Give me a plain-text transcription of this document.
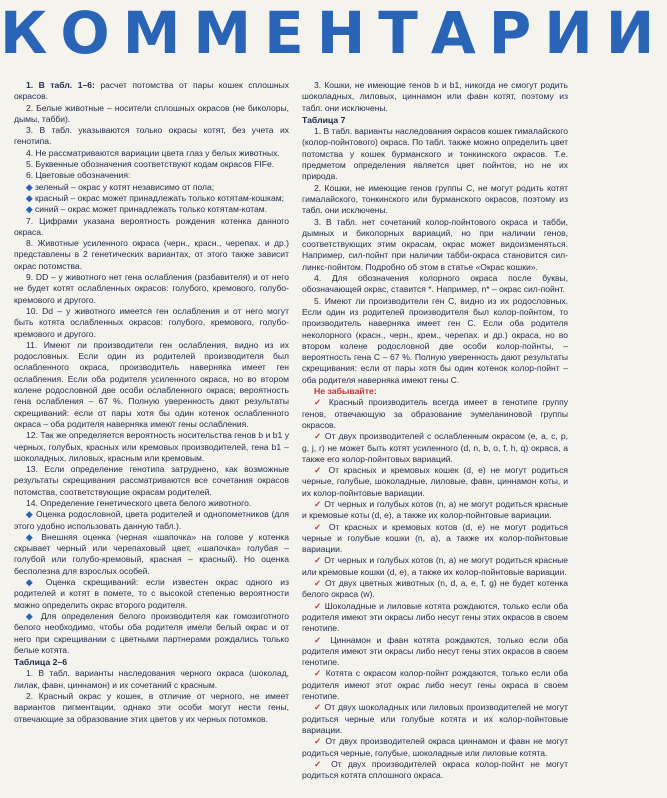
КОММЕНТАРИИ

1. В табл. 1–6: расчет потомства от пары кошек сплошных окрасов.

2. Белые животные – носители сплошных окрасов (не биколоры, дымы, табби).

3. В табл. указываются только окрасы котят, без учета их генотипа.

4. Не рассматриваются вариации цвета глаз у белых животных.

5. Буквенные обозначения соответствуют кодам окрасов FIFe.

6. Цветовые обозначения:

◆ зеленый – окрас у котят независимо от пола;

◆ красный – окрас может принадлежать только котятам-кошкам;

◆ синий – окрас может принадлежать только котятам-котам.

7. Цифрами указана вероятность рождения котенка данного окраса.

8. Животные усиленного окраса (черн., красн., черепах. и др.) представлены в 2 генетических вариантах, от этого также зависит окрас потомства.

9. DD – у животного нет гена ослабления (разбавителя) и от него не будет котят ослабленных окрасов: голубого, кремового, голубо-кремового и другого.

10. Dd – у животного имеется ген ослабления и от него могут быть котята ослабленных окрасов: голубого, кремового, голубо-кремового и другого.

11. Имеют ли производители ген ослабления, видно из их родословных. Если один из родителей производителя был ослабленного окраса, производитель наверняка имеет ген ослабления. Если оба родителя усиленного окраса, но во втором колене родословной две особи ослабленного окраса; вероятность гена ослабления – 67 %. Полную уверенность дают результаты скрещиваний: если от пары хотя бы один котенок ослабленного окраса – оба родителя наверняка имеют гены ослабления.

12. Так же определяется вероятность носительства генов b и b1 у черных, голубых, красных или кремовых производителей, гена b1 – шоколадных, лиловых, красным или кремовым.

13. Если определение генотипа затруднено, как возможные результаты скрещивания рассматриваются все сочетания окрасов потомства, соответствующие окрасам родителей.

14. Определение генетического цвета белого животного.

◆ Оценка родословной, цвета родителей и однопометников (для этого удобно использовать данную табл.).

◆ Внешняя оценка (черная «шапочка» на голове у котенка скрывает черный или черепаховый цвет, «шапочка» голубая – голубой или голубо-кремовый, красная – красный). Но оценка бесполезна для взрослых особей.

◆ Оценка скрещиваний: если известен окрас одного из родителей и котят в помете, то с высокой степенью вероятности можно определить окрас второго родителя.

◆ Для определения белого производителя как гомозиготного белого необходимо, чтобы оба родителя имели белый окрас и от него при скрещивании с цветными партнерами рождались только белые котята.

Таблица 2–6

1. В табл. варианты наследования черного окраса (шоколад, лилак, фавн, циннамон) и их сочетаний с красным.

2. Красный окрас у кошек, в отличие от черного, не имеет вариантов пигментации, однако эти особи могут нести гены, отвечающие за образование этих цветов у их черных потомков.

3. Кошки, не имеющие генов b и b1, никогда не смогут родить шоколадных, лиловых, циннамон или фавн котят, поэтому из табл. они исключены.

Таблица 7

1. В табл. варианты наследования окрасов кошек гималайского (колор-пойнтового) окраса. По табл. также можно определить цвет потомства у кошек бурманского и тонкинского окрасов. Т.е. предметом определения является цвет пойнтов, но не их природа.

2. Кошки, не имеющие генов группы С, не могут родить котят гималайского, тонкинского или бурманского окрасов, поэтому из табл. они исключены.

3. В табл. нет сочетаний колор-пойнтового окраса и табби, дымных и биколорных вариаций, но при наличии генов, соответствующих этим окрасам, окрас может видоизменяться. Например, сил-пойнт при наличии табби-окраса становится сил-линкс-пойнтом. Подробно об этом в статье «Окрас кошки».

4. Для обозначения колорного окраса после буквы, обозначающей окрас, ставится *. Например, n* – окрас сил-пойнт.

5. Имеют ли производители ген С, видно из их родословных. Если один из родителей производителя был колор-пойнтом, то производитель наверняка имеет ген С. Если оба родителя неколорного (красн., черн., крем., черепах. и др.) окраса, но во втором колене родословной две особи колор-пойнты, – вероятность гена С – 67 %. Полную уверенность дают результаты скрещивания: если от пары хотя бы один котенок колор-пойнт – оба родителя наверняка имеют гены С.

Не забывайте:

✓ Красный производитель всегда имеет в генотипе группу генов, отвечающую за образование эумеланиновой группы окрасов.

✓ От двух производителей с ослабленным окрасом (e, a, c, p, g, j, r) не может быть котят усиленного (d, n, b, o, f, h, q) окраса, а также его колор-пойнтовых вариаций.

✓ От красных и кремовых кошек (d, e) не могут родиться черные, голубые, шоколадные, лиловые, фавн, циннамон коты, и их колор-пойнтовые вариации.

✓ От черных и голубых котов (n, a) не могут родиться красные и кремовые коты (d, e), а также их колор-пойнтовые вариации.

✓ От красных и кремовых котов (d, e) не могут родиться черные и голубые кошки (n, a), а также их колор-пойнтовые вариации.

✓ От черных и голубых котов (n, a) не могут родиться красные или кремовые кошки (d, e), а также их колор-пойнтовые вариации.

✓ От двух цветных животных (n, d, a, e, f, g) не будет котенка белого окраса (w).

✓ Шоколадные и лиловые котята рождаются, только если оба родителя имеют эти окрасы либо несут гены этих окрасов в своем генотипе.

✓ Циннамон и фавн котята рождаются, только если оба родителя имеют эти окрасы либо несут гены этих окрасов в своем генотипе.

✓ Котята с окрасом колор-пойнт рождаются, только если оба родителя имеют этот окрас либо несут гены окраса в своем генотипе.

✓ От двух шоколадных или лиловых производителей не могут родиться черные или голубые котята и их колор-пойнтовые вариации.

✓ От двух производителей окраса циннамон и фавн не могут родиться черные, голубые, шоколадные или лиловые котята.

✓ От двух производителей окраса колор-пойнт не могут родиться котята сплошного окраса.
